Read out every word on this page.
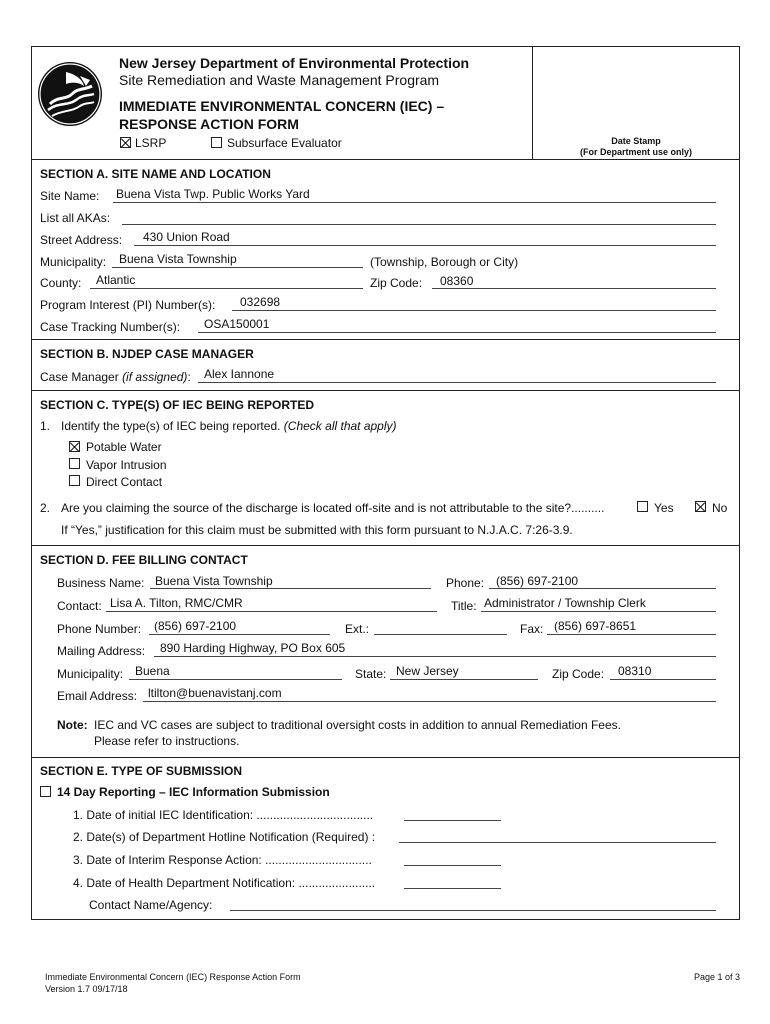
New Jersey Department of Environmental Protection
Site Remediation and Waste Management Program
IMMEDIATE ENVIRONMENTAL CONCERN (IEC) –
RESPONSE ACTION FORM
LSRP	Subsurface Evaluator	Date Stamp
(For Department use only)
SECTION A. SITE NAME AND LOCATION
Site Name: Buena Vista Twp. Public Works Yard
List all AKAs:
Street Address: 430 Union Road
Municipality: Buena Vista Township	(Township, Borough or City)
County: Atlantic	Zip Code: 08360
Program Interest (PI) Number(s): 032698
Case Tracking Number(s): OSA150001
SECTION B. NJDEP CASE MANAGER
Case Manager (if assigned): Alex Iannone
SECTION C. TYPE(S) OF IEC BEING REPORTED
1. Identify the type(s) of IEC being reported. (Check all that apply)
Potable Water
Vapor Intrusion
Direct Contact
2. Are you claiming the source of the discharge is located off-site and is not attributable to the site?..........	Yes	No
If “Yes,” justification for this claim must be submitted with this form pursuant to N.J.A.C. 7:26-3.9.
SECTION D. FEE BILLING CONTACT
Business Name: Buena Vista Township	Phone: (856) 697-2100
Contact: Lisa A. Tilton, RMC/CMR	Title: Administrator / Township Clerk
Phone Number: (856) 697-2100	Ext.:	Fax: (856) 697-8651
Mailing Address: 890 Harding Highway, PO Box 605
Municipality: Buena	State: New Jersey	Zip Code: 08310
Email Address: ltilton@buenavistanj.com
Note: IEC and VC cases are subject to traditional oversight costs in addition to annual Remediation Fees.
Please refer to instructions.
SECTION E. TYPE OF SUBMISSION
14 Day Reporting – IEC Information Submission
1. Date of initial IEC Identification: ...................................
2. Date(s) of Department Hotline Notification (Required) :
3. Date of Interim Response Action: ................................
4. Date of Health Department Notification: .......................
Contact Name/Agency:
Immediate Environmental Concern (IEC) Response Action Form
Version 1.7 09/17/18
Page 1 of 3
